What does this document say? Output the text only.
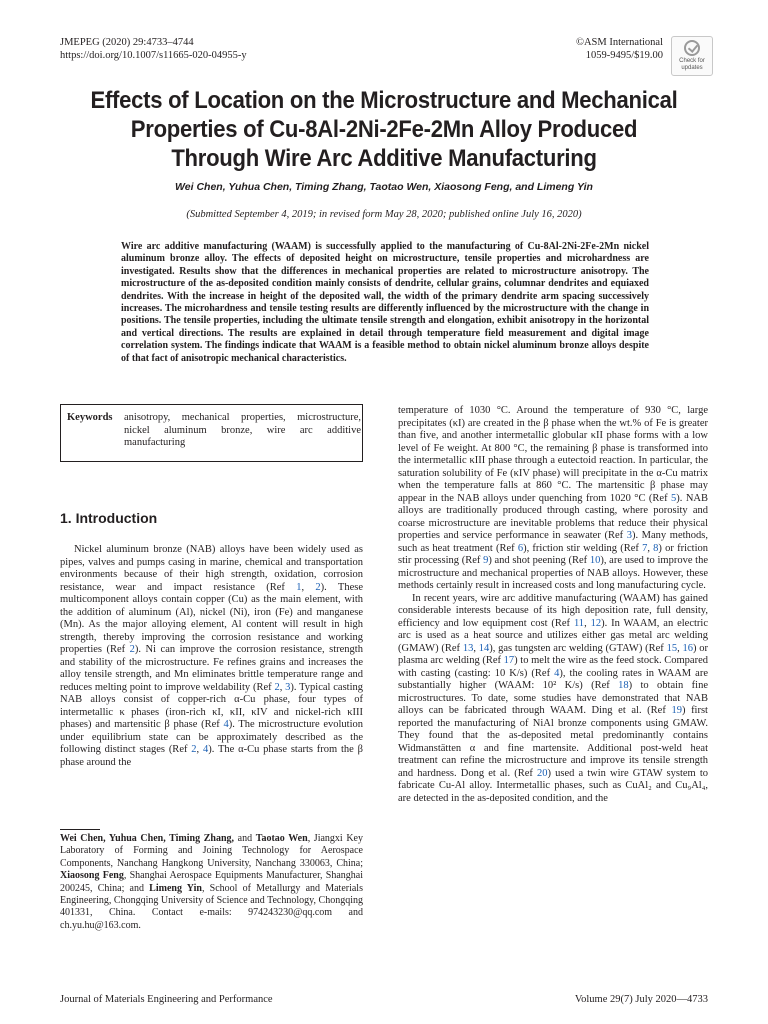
JMEPEG (2020) 29:4733–4744
https://doi.org/10.1007/s11665-020-04955-y
©ASM International
1059-9495/$19.00
Check for
updates
Effects of Location on the Microstructure and Mechanical
Properties of Cu-8Al-2Ni-2Fe-2Mn Alloy Produced
Through Wire Arc Additive Manufacturing
Wei Chen, Yuhua Chen, Timing Zhang, Taotao Wen, Xiaosong Feng, and Limeng Yin
(Submitted September 4, 2019; in revised form May 28, 2020; published online July 16, 2020)
Wire arc additive manufacturing (WAAM) is successfully applied to the manufacturing of Cu-8Al-2Ni-2Fe-2Mn nickel aluminum bronze alloy. The effects of deposited height on microstructure, tensile properties and microhardness are investigated. Results show that the differences in mechanical properties are related to microstructure anisotropy. The microstructure of the as-deposited condition mainly consists of dendrite, cellular grains, columnar dendrites and equiaxed dendrites. With the increase in height of the deposited wall, the width of the primary dendrite arm spacing successively increases. The microhardness and tensile testing results are differently influenced by the microstructure with the change in positions. The tensile properties, including the ultimate tensile strength and elongation, exhibit anisotropy in the horizontal and vertical directions. The results are explained in detail through temperature field measurement and digital image correlation system. The findings indicate that WAAM is a feasible method to obtain nickel aluminum bronze alloys despite of that fact of anisotropic mechanical characteristics.
Keywords anisotropy, mechanical properties, microstructure, nickel aluminum bronze, wire arc additive manufacturing
1. Introduction

Nickel aluminum bronze (NAB) alloys have been widely used as pipes, valves and pumps casing in marine, chemical and transportation environments because of their high strength, oxidation, corrosion resistance, wear and impact resistance (Ref 1, 2). These multicomponent alloys contain copper (Cu) as the main element, with the addition of aluminum (Al), nickel (Ni), iron (Fe) and manganese (Mn). As the major alloying element, Al content will result in high strength, thereby improving the corrosion resistance and working properties (Ref 2). Ni can improve the corrosion resistance, strength and stability of the microstructure. Fe refines grains and increases the alloy tensile strength, and Mn eliminates brittle temperature range and reduces melting point to improve weldability (Ref 2, 3). Typical casting NAB alloys consist of copper-rich α-Cu phase, four types of intermetallic κ phases (iron-rich κI, κII, κIV and nickel-rich κIII phases) and martensitic β phase (Ref 4). The microstructure evolution under equilibrium state can be approximately described as the following distinct stages (Ref 2, 4). The α-Cu phase starts from the β phase around the

Wei Chen, Yuhua Chen, Timing Zhang, and Taotao Wen, Jiangxi Key Laboratory of Forming and Joining Technology for Aerospace Components, Nanchang Hangkong University, Nanchang 330063, China; Xiaosong Feng, Shanghai Aerospace Equipments Manufacturer, Shanghai 200245, China; and Limeng Yin, School of Metallurgy and Materials Engineering, Chongqing University of Science and Technology, Chongqing 401331, China. Contact e-mails: 974243230@qq.com and ch.yu.hu@163.com.

temperature of 1030 °C. Around the temperature of 930 °C, large precipitates (κI) are created in the β phase when the wt.% of Fe is greater than five, and another intermetallic globular κII phase forms with a low level of Fe weight. At 800 °C, the remaining β phase is transformed into the intermetallic κIII phase through a eutectoid reaction. In particular, the saturation solubility of Fe (κIV phase) will precipitate in the α-Cu matrix when the temperature falls at 860 °C. The martensitic β phase may appear in the NAB alloys under quenching from 1020 °C (Ref 5). NAB alloys are traditionally produced through casting, where porosity and coarse microstructure are inevitable problems that reduce their physical properties and service performance in seawater (Ref 3). Many methods, such as heat treatment (Ref 6), friction stir welding (Ref 7, 8) or friction stir processing (Ref 9) and shot peening (Ref 10), are used to improve the microstructure and mechanical properties of NAB alloys. However, these methods certainly result in increased costs and long manufacturing cycle.

In recent years, wire arc additive manufacturing (WAAM) has gained considerable interests because of its high deposition rate, full density, efficiency and low equipment cost (Ref 11, 12). In WAAM, an electric arc is used as a heat source and utilizes either gas metal arc welding (GMAW) (Ref 13, 14), gas tungsten arc welding (GTAW) (Ref 15, 16) or plasma arc welding (Ref 17) to melt the wire as the feed stock. Compared with casting (casting: 10 K/s) (Ref 4), the cooling rates in WAAM are substantially higher (WAAM: 10² K/s) (Ref 18) to obtain fine microstructures. To date, some studies have demonstrated that NAB alloys can be fabricated through WAAM. Ding et al. (Ref 19) first reported the manufacturing of NiAl bronze components using GMAW. They found that the as-deposited metal predominantly contains Widmanstätten α and fine martensite. Additional post-weld heat treatment can refine the microstructure and improve its tensile strength and hardness. Dong et al. (Ref 20) used a twin wire GTAW system to fabricate Cu-Al alloy. Intermetallic phases, such as CuAl₂ and Cu₉Al₄, are detected in the as-deposited condition, and the

Journal of Materials Engineering and Performance	Volume 29(7) July 2020—4733
